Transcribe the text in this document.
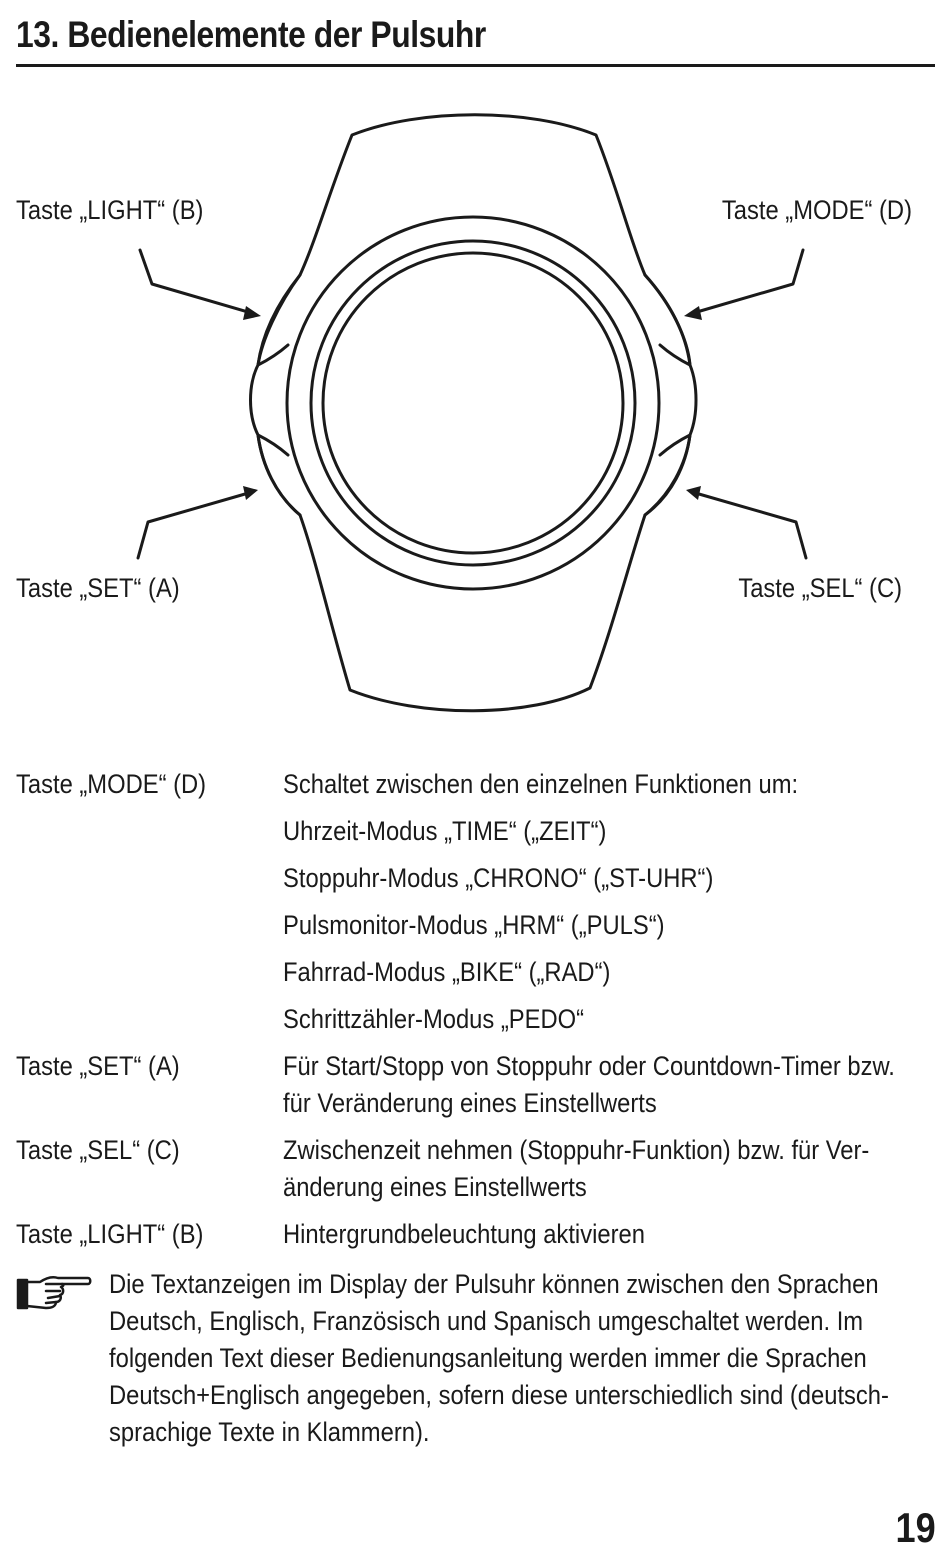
13. Bedienelemente der Pulsuhr
Taste „LIGHT“ (B)	Taste „MODE“ (D)
Taste „SET“ (A)	Taste „SEL“ (C)
Taste „MODE“ (D)	Schaltet zwischen den einzelnen Funktionen um:
Uhrzeit-Modus „TIME“ („ZEIT“)
Stoppuhr-Modus „CHRONO“ („ST-UHR“)
Pulsmonitor-Modus „HRM“ („PULS“)
Fahrrad-Modus „BIKE“ („RAD“)
Schrittzähler-Modus „PEDO“
Taste „SET“ (A)	Für Start/Stopp von Stoppuhr oder Countdown-Timer bzw.
für Veränderung eines Einstellwerts
Taste „SEL“ (C)	Zwischenzeit nehmen (Stoppuhr-Funktion) bzw. für Ver-
änderung eines Einstellwerts
Taste „LIGHT“ (B)	Hintergrundbeleuchtung aktivieren
Die Textanzeigen im Display der Pulsuhr können zwischen den Sprachen
Deutsch, Englisch, Französisch und Spanisch umgeschaltet werden. Im
folgenden Text dieser Bedienungsanleitung werden immer die Sprachen
Deutsch+Englisch angegeben, sofern diese unterschiedlich sind (deutsch-
sprachige Texte in Klammern).
19
